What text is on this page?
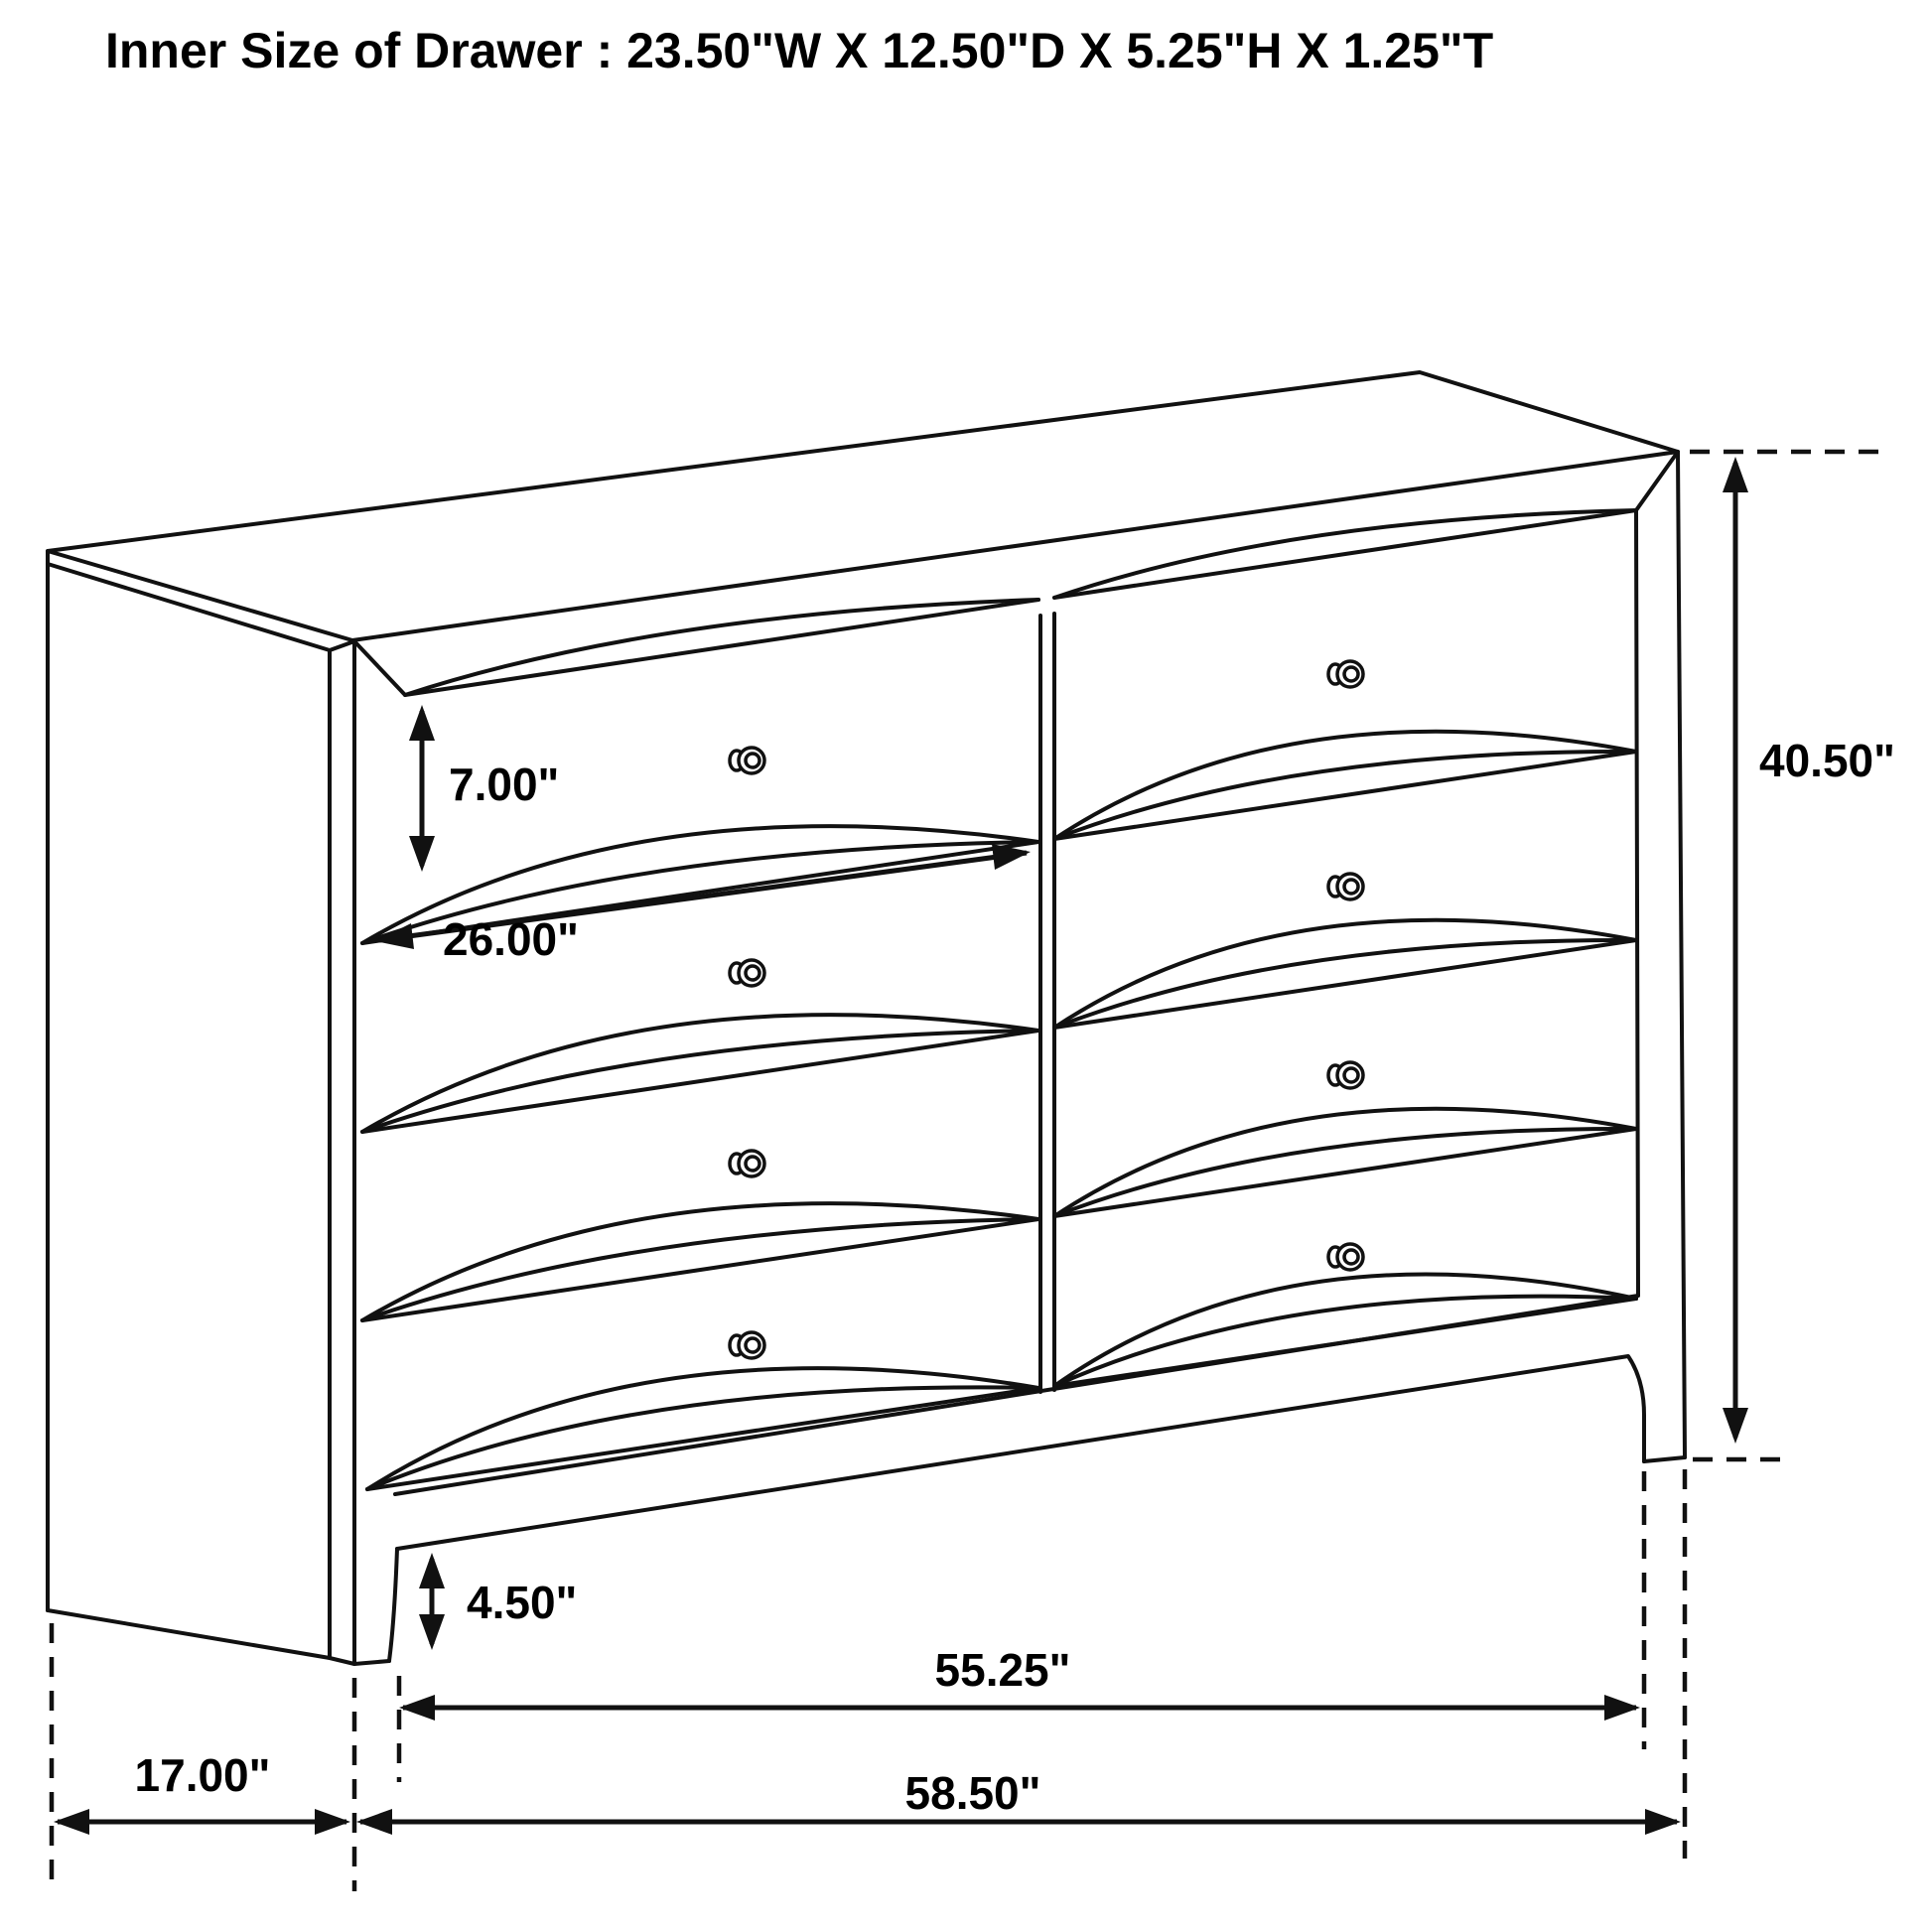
Inner Size of Drawer : 23.50"W X 12.50"D X 5.25"H X 1.25"T
7.00"
26.00"
40.50"
4.50"
55.25"
17.00"	58.50"
